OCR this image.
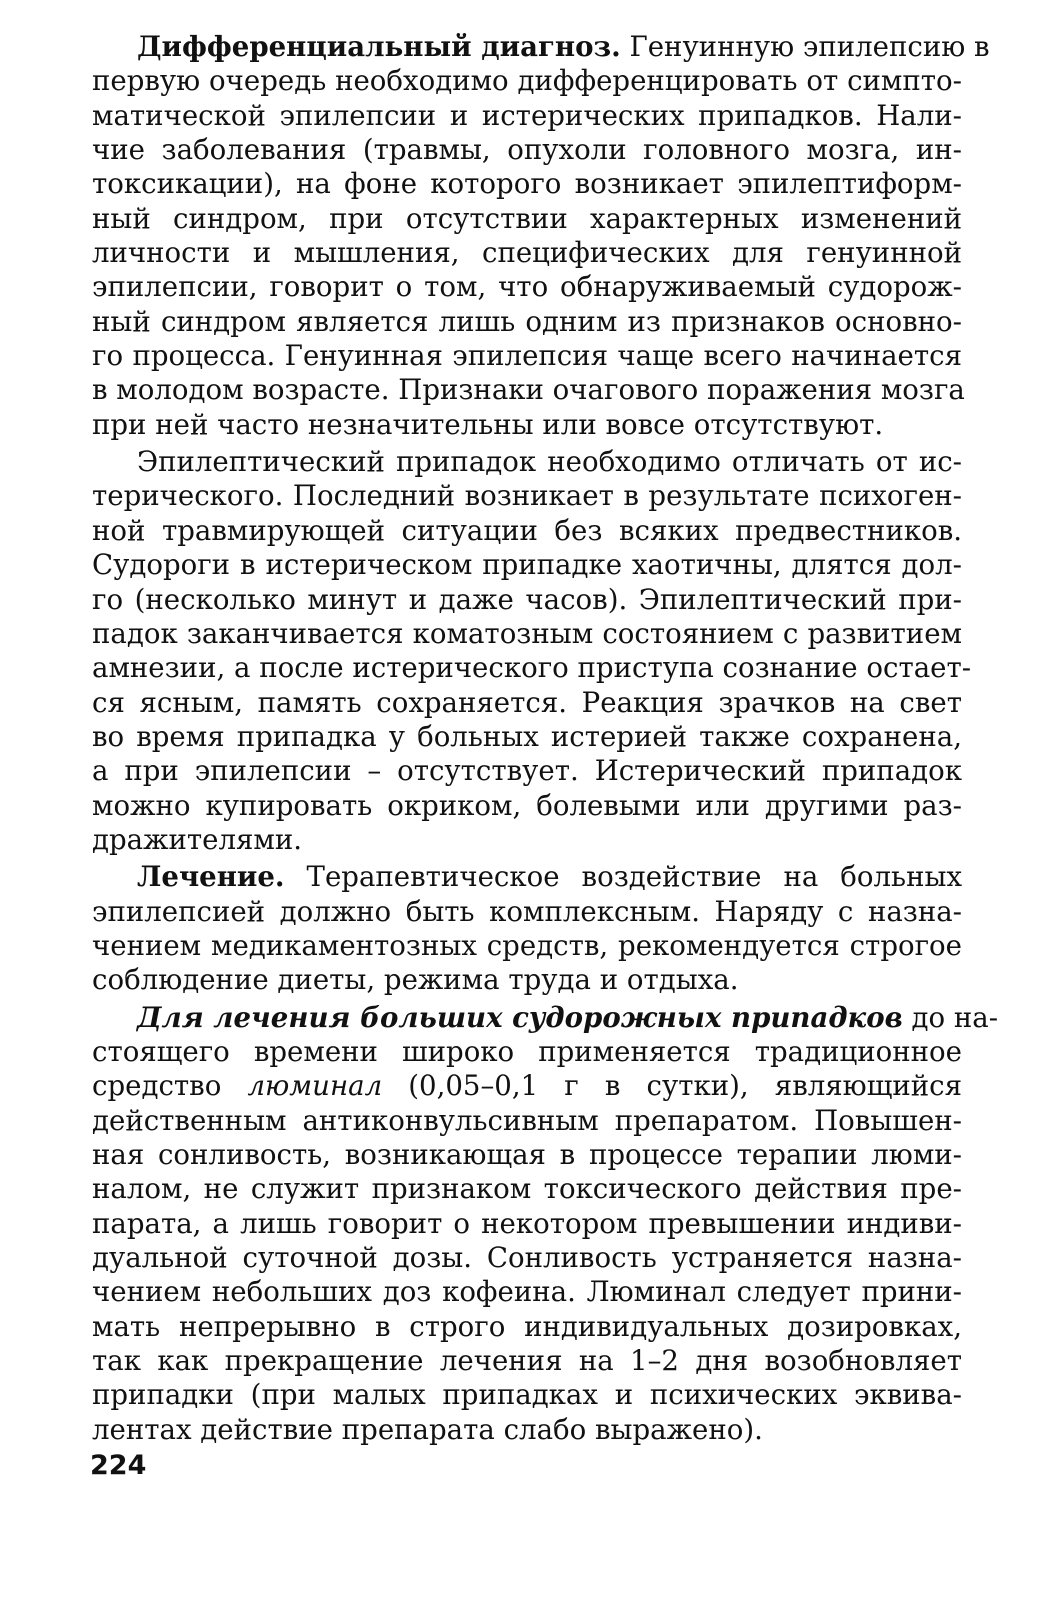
Дифференциальный диагноз. Генуинную эпилепсию в
первую очередь необходимо дифференцировать от симпто-
матической эпилепсии и истерических припадков. Нали-
чие заболевания (травмы, опухоли головного мозга, ин-
токсикации), на фоне которого возникает эпилептиформ-
ный синдром, при отсутствии характерных изменений
личности и мышления, специфических для генуинной
эпилепсии, говорит о том, что обнаруживаемый судорож-
ный синдром является лишь одним из признаков основно-
го процесса. Генуинная эпилепсия чаще всего начинается
в молодом возрасте. Признаки очагового поражения мозга
при ней часто незначительны или вовсе отсутствуют.
Эпилептический припадок необходимо отличать от ис-
терического. Последний возникает в результате психоген-
ной травмирующей ситуации без всяких предвестников.
Судороги в истерическом припадке хаотичны, длятся дол-
го (несколько минут и даже часов). Эпилептический при-
падок заканчивается коматозным состоянием с развитием
амнезии, а после истерического приступа сознание остает-
ся ясным, память сохраняется. Реакция зрачков на свет
во время припадка у больных истерией также сохранена,
а при эпилепсии – отсутствует. Истерический припадок
можно купировать окриком, болевыми или другими раз-
дражителями.
Лечение. Терапевтическое воздействие на больных
эпилепсией должно быть комплексным. Наряду с назна-
чением медикаментозных средств, рекомендуется строгое
соблюдение диеты, режима труда и отдыха.
Для лечения больших судорожных припадков до на-
стоящего времени широко применяется традиционное
средство люминал (0,05–0,1 г в сутки), являющийся
действенным антиконвульсивным препаратом. Повышен-
ная сонливость, возникающая в процессе терапии люми-
налом, не служит признаком токсического действия пре-
парата, а лишь говорит о некотором превышении индиви-
дуальной суточной дозы. Сонливость устраняется назна-
чением небольших доз кофеина. Люминал следует прини-
мать непрерывно в строго индивидуальных дозировках,
так как прекращение лечения на 1–2 дня возобновляет
припадки (при малых припадках и психических эквива-
лентах действие препарата слабо выражено).
224
